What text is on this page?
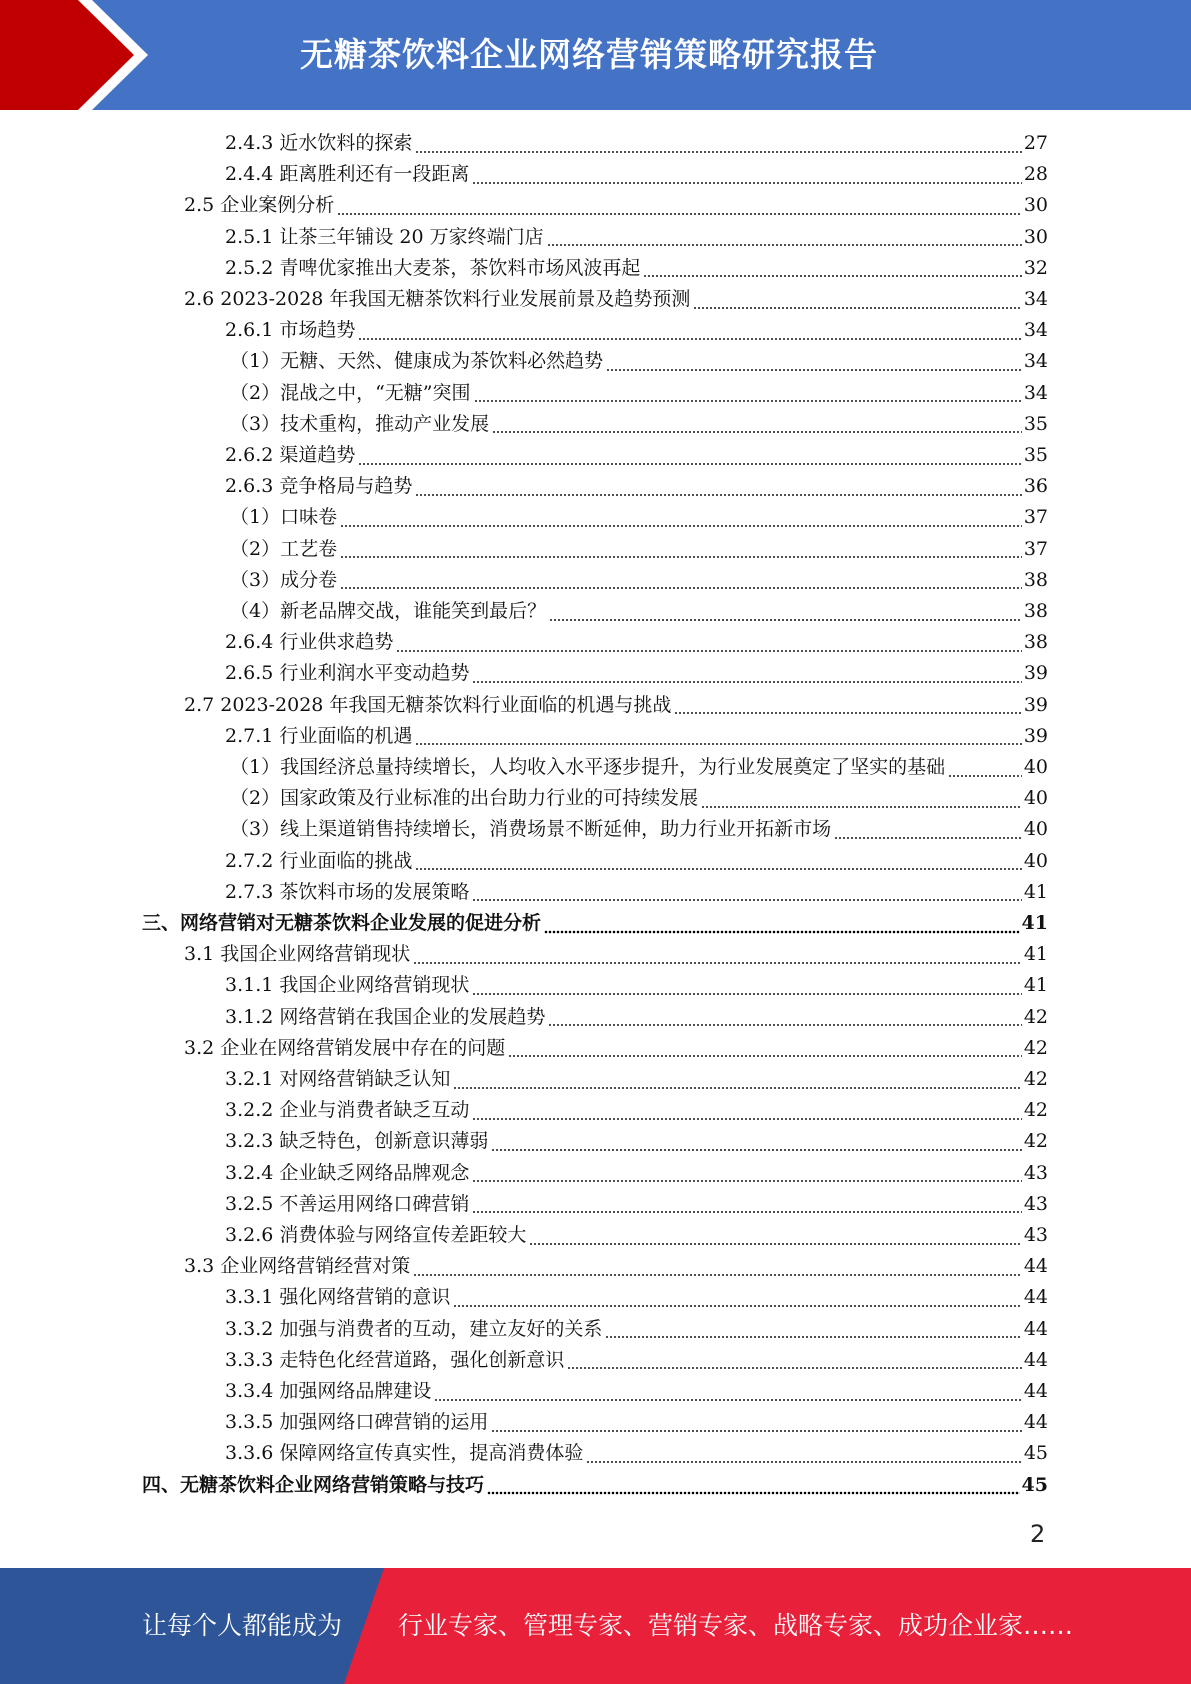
无糖茶饮料企业网络营销策略研究报告
2.4.3 近水饮料的探索	27
2.4.4 距离胜利还有一段距离	28
2.5 企业案例分析	30
2.5.1 让茶三年铺设 20 万家终端门店	30
2.5.2 青啤优家推出大麦茶，茶饮料市场风波再起	32
2.6 2023-2028 年我国无糖茶饮料行业发展前景及趋势预测	34
2.6.1 市场趋势	34
（1）无糖、天然、健康成为茶饮料必然趋势	34
（2）混战之中，“无糖”突围	34
（3）技术重构，推动产业发展	35
2.6.2 渠道趋势	35
2.6.3 竞争格局与趋势	36
（1）口味卷	37
（2）工艺卷	37
（3）成分卷	38
（4）新老品牌交战，谁能笑到最后？	38
2.6.4 行业供求趋势	38
2.6.5 行业利润水平变动趋势	39
2.7 2023-2028 年我国无糖茶饮料行业面临的机遇与挑战	39
2.7.1 行业面临的机遇	39
（1）我国经济总量持续增长，人均收入水平逐步提升，为行业发展奠定了坚实的基础	40
（2）国家政策及行业标准的出台助力行业的可持续发展	40
（3）线上渠道销售持续增长，消费场景不断延伸，助力行业开拓新市场	40
2.7.2 行业面临的挑战	40
2.7.3 茶饮料市场的发展策略	41
三、网络营销对无糖茶饮料企业发展的促进分析	41
3.1 我国企业网络营销现状	41
3.1.1 我国企业网络营销现状	41
3.1.2 网络营销在我国企业的发展趋势	42
3.2 企业在网络营销发展中存在的问题	42
3.2.1 对网络营销缺乏认知	42
3.2.2 企业与消费者缺乏互动	42
3.2.3 缺乏特色，创新意识薄弱	42
3.2.4 企业缺乏网络品牌观念	43
3.2.5 不善运用网络口碑营销	43
3.2.6 消费体验与网络宣传差距较大	43
3.3 企业网络营销经营对策	44
3.3.1 强化网络营销的意识	44
3.3.2 加强与消费者的互动，建立友好的关系	44
3.3.3 走特色化经营道路，强化创新意识	44
3.3.4 加强网络品牌建设	44
3.3.5 加强网络口碑营销的运用	44
3.3.6 保障网络宣传真实性，提高消费体验	45
四、无糖茶饮料企业网络营销策略与技巧	45
2
让每个人都能成为 行业专家、管理专家、营销专家、战略专家、成功企业家……
